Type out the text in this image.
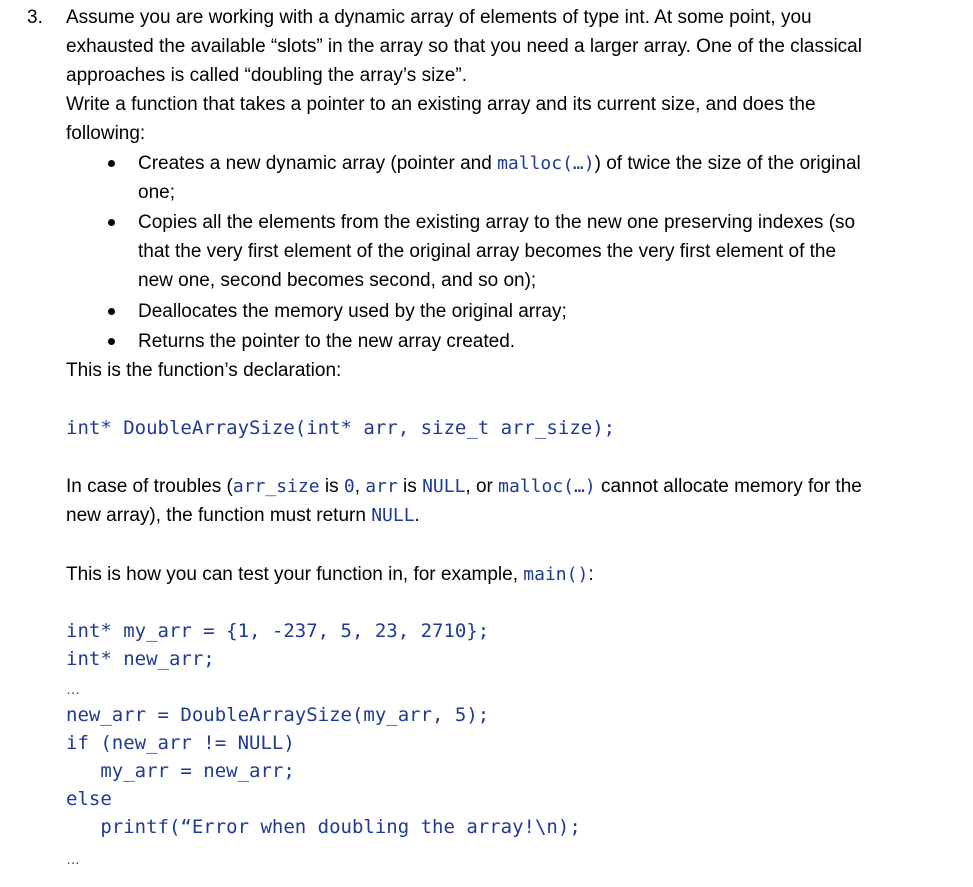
3. Assume you are working with a dynamic array of elements of type int. At some point, you
exhausted the available “slots” in the array so that you need a larger array. One of the classical
approaches is called “doubling the array’s size”.
Write a function that takes a pointer to an existing array and its current size, and does the
following:
Creates a new dynamic array (pointer and malloc(…)) of twice the size of the original
one;
Copies all the elements from the existing array to the new one preserving indexes (so
that the very first element of the original array becomes the very first element of the
new one, second becomes second, and so on);
Deallocates the memory used by the original array;
Returns the pointer to the new array created.
This is the function’s declaration:
int* DoubleArraySize(int* arr, size_t arr_size);
In case of troubles (arr_size is 0, arr is NULL, or malloc(…) cannot allocate memory for the
new array), the function must return NULL.
This is how you can test your function in, for example, main():
int* my_arr = {1, -237, 5, 23, 2710};
int* new_arr;
…
new_arr = DoubleArraySize(my_arr, 5);
if (new_arr != NULL)
my_arr = new_arr;
else
printf(“Error when doubling the array!\n);
…
